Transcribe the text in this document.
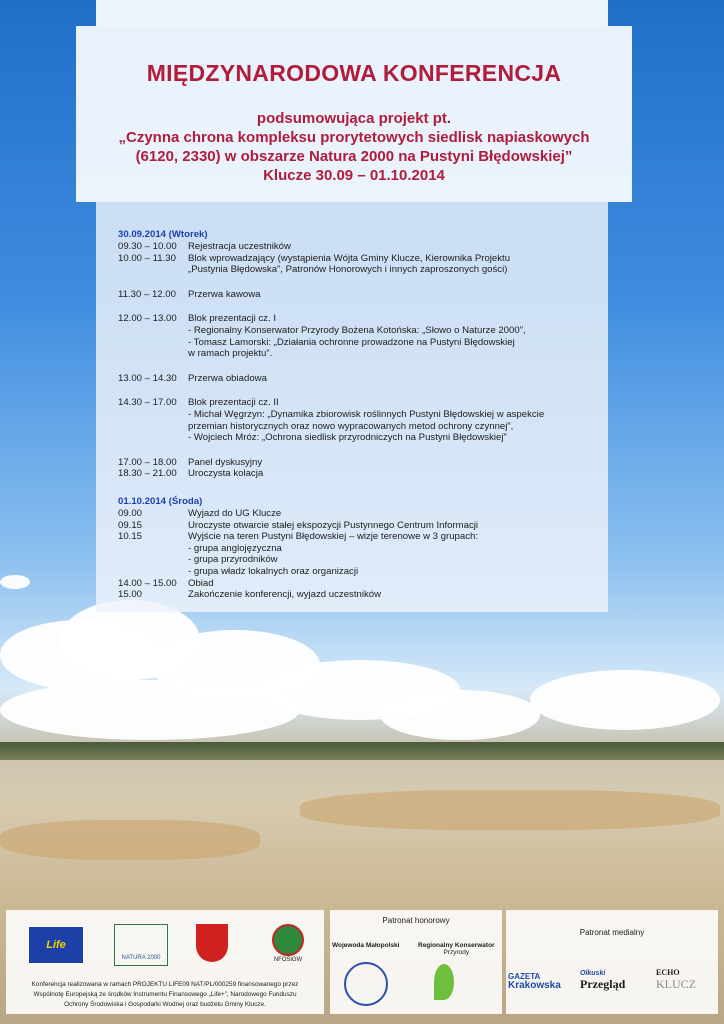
MIĘDZYNARODOWA KONFERENCJA
podsumowująca projekt pt.
„Czynna chrona kompleksu prorytetowych siedlisk napiaskowych
(6120, 2330) w obszarze Natura 2000 na Pustyni Błędowskiej”
Klucze 30.09 – 01.10.2014
30.09.2014 (Wtorek)
09.30 – 10.00 Rejestracja uczestników
10.00 – 11.30 Blok wprowadzający (wystąpienia Wójta Gminy Klucze, Kierownika Projektu
„Pustynia Błędowska”, Patronów Honorowych i innych zaproszonych gości)
11.30 – 12.00 Przerwa kawowa
12.00 – 13.00 Blok prezentacji cz. I
- Regionalny Konserwator Przyrody Bożena Kotońska: „Słowo o Naturze 2000”,
- Tomasz Lamorski: „Działania ochronne prowadzone na Pustyni Błędowskiej
w ramach projektu”.
13.00 – 14.30 Przerwa obiadowa
14.30 – 17.00 Blok prezentacji cz. II
- Michał Węgrzyn: „Dynamika zbiorowisk roślinnych Pustyni Błędowskiej w aspekcie
przemian historycznych oraz nowo wypracowanych metod ochrony czynnej”,
- Wojciech Mróz: „Ochrona siedlisk przyrodniczych na Pustyni Błędowskiej”
17.00 – 18.00 Panel dyskusyjny
18.30 – 21.00 Uroczysta kolacja
01.10.2014 (Środa)
09.00	Wyjazd do UG Klucze
09.15	Uroczyste otwarcie stałej ekspozycji Pustynnego Centrum Informacji
10.15	Wyjście na teren Pustyni Błędowskiej – wizje terenowe w 3 grupach:
- grupa anglojęzyczna
- grupa przyrodników
- grupa władz lokalnych oraz organizacji
14.00 – 15.00 Obiad
15.00	Zakończenie konferencji, wyjazd uczestników
Life
NATURA 2000	NFOŚiGW
Konferencja realizowana w ramach PROJEKTU LIFE09 NAT/PL/000259 finansowanego przez
Wspólnotę Europejską ze środków Instrumentu Finansowego „Life+”, Narodowego Funduszu
Ochrony Środowiska i Gospodarki Wodnej oraz budżetu Gminy Klucze.
Patronat honorowy
Wojewoda Małopolski	Regionalny Konserwator
Przyrody
Patronat medialny
GAZETA
Krakowska
Olkuski
Przegląd
ECHO
KLUCZ
